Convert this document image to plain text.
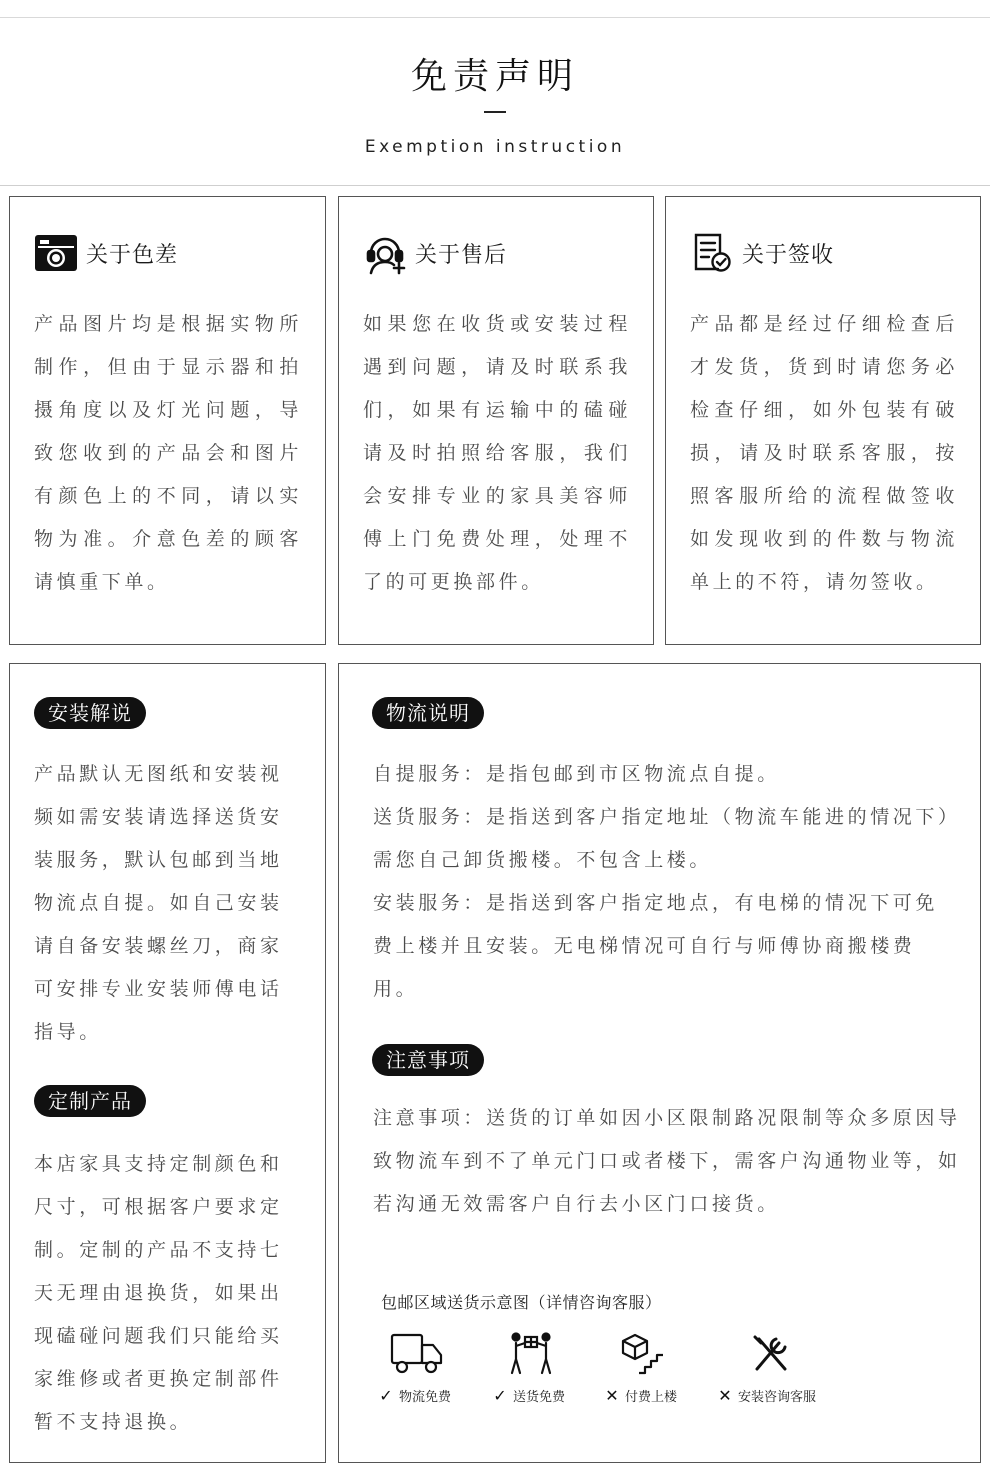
免责声明
Exemption instruction
关于色差

产品图片均是根据实物所制作，但由于显示器和拍摄角度以及灯光问题，导致您收到的产品会和图片有颜色上的不同，请以实物为准。介意色差的顾客请慎重下单。

关于售后

如果您在收货或安装过程遇到问题，请及时联系我们，如果有运输中的磕碰请及时拍照给客服，我们会安排专业的家具美容师傅上门免费处理，处理不了的可更换部件。

关于签收

产品都是经过仔细检查后才发货，货到时请您务必检查仔细，如外包装有破损，请及时联系客服，按照客服所给的流程做签收如发现收到的件数与物流单上的不符，请勿签收。

安装解说

产品默认无图纸和安装视频如需安装请选择送货安装服务，默认包邮到当地物流点自提。如自己安装请自备安装螺丝刀，商家可安排专业安装师傅电话指导。

定制产品

本店家具支持定制颜色和尺寸，可根据客户要求定制。定制的产品不支持七天无理由退换货，如果出现磕碰问题我们只能给买家维修或者更换定制部件暂不支持退换。

物流说明

自提服务：是指包邮到市区物流点自提。

送货服务：是指送到客户指定地址（物流车能进的情况下）需您自己卸货搬楼。不包含上楼。

安装服务：是指送到客户指定地点，有电梯的情况下可免费上楼并且安装。无电梯情况可自行与师傅协商搬楼费用。

注意事项

注意事项：送货的订单如因小区限制路况限制等众多原因导致物流车到不了单元门口或者楼下，需客户沟通物业等，如若沟通无效需客户自行去小区门口接货。

包邮区域送货示意图（详情咨询客服）
✓ 物流免费	✓ 送货免费	✕ 付费上楼	✕ 安装咨询客服
